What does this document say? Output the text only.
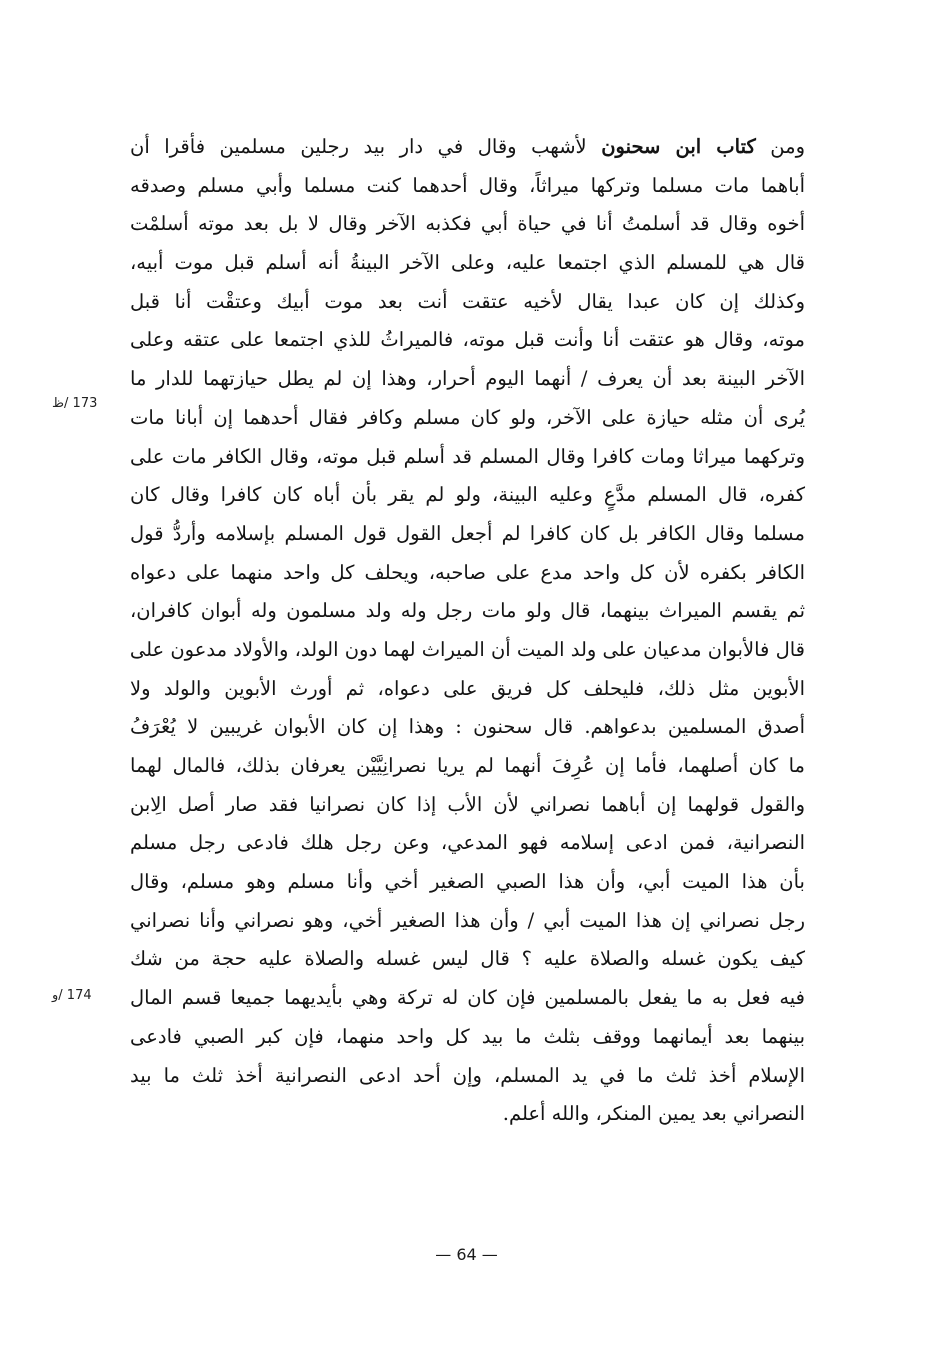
ومن كتاب ابن سحنون لأشهب وقال في دار بيد رجلين مسلمين فأقرا أن
أباهما مات مسلما وتركها ميراثاً، وقال أحدهما كنت مسلما وأبي مسلم وصدقه
أخوه وقال قد أسلمتُ أنا في حياة أبي فكذبه الآخر وقال لا بل بعد موته أسلمْت
قال هي للمسلم الذي اجتمعا عليه، وعلى الآخر البينةُ أنه أسلم قبل موت أبيه،
وكذلك إن كان عبدا يقال لأخيه عتقت أنت بعد موت أبيك وعتقْت أنا قبل
موته، وقال هو عتقت أنا وأنت قبل موته، فالميراثُ للذي اجتمعا على عتقه وعلى
الآخر البينة بعد أن يعرف / أنهما اليوم أحرار، وهذا إن لم يطل حيازتهما للدار ما
يُرى أن مثله حيازة على الآخر، ولو كان مسلم وكافر فقال أحدهما إن أبانا مات
وتركهما ميراثا ومات كافرا وقال المسلم قد أسلم قبل موته، وقال الكافر مات على
كفره، قال المسلم مدَّعٍ وعليه البينة، ولو لم يقر بأن أباه كان كافرا وقال كان
مسلما وقال الكافر بل كان كافرا لم أجعل القول قول المسلم بإسلامه وأردُّ قول
الكافر بكفره لأن كل واحد مدع على صاحبه، ويحلف كل واحد منهما على دعواه
ثم يقسم الميراث بينهما، قال ولو مات رجل وله ولد مسلمون وله أبوان كافران،
قال فالأبوان مدعيان على ولد الميت أن الميراث لهما دون الولد، والأولاد مدعون على
الأبوين مثل ذلك، فليحلف كل فريق على دعواه، ثم أورث الأبوين والولد ولا
أصدق المسلمين بدعواهم. قال سحنون : وهذا إن كان الأبوان غريبين لا يُعْرَفُ
ما كان أصلهما، فأما إن عُرِفَ أنهما لم يريا نصرانِيَّيْن يعرفان بذلك، فالمال لهما
والقول قولهما إن أباهما نصراني لأن الأب إذا كان نصرانيا فقد صار أصل الِابن
النصرانية، فمن ادعى إسلامه فهو المدعي، وعن رجل هلك فادعى رجل مسلم
بأن هذا الميت أبي، وأن هذا الصبي الصغير أخي وأنا مسلم وهو مسلم، وقال
رجل نصراني إن هذا الميت أبي / وأن هذا الصغير أخي، وهو نصراني وأنا نصراني
كيف يكون غسله والصلاة عليه ؟ قال ليس غسله والصلاة عليه حجة من شك
فيه فعل به ما يفعل بالمسلمين فإن كان له تركة وهي بأيديهما جميعا قسم المال
بينهما بعد أيمانهما ووقف بثلث ما بيد كل واحد منهما، فإن كبر الصبي فادعى
الإسلام أخذ ثلث ما في يد المسلم، وإن أحد ادعى النصرانية أخذ ثلث ما بيد
النصراني بعد يمين المنكر، والله أعلم.
173 /ظ
174 /و
— 64 —
